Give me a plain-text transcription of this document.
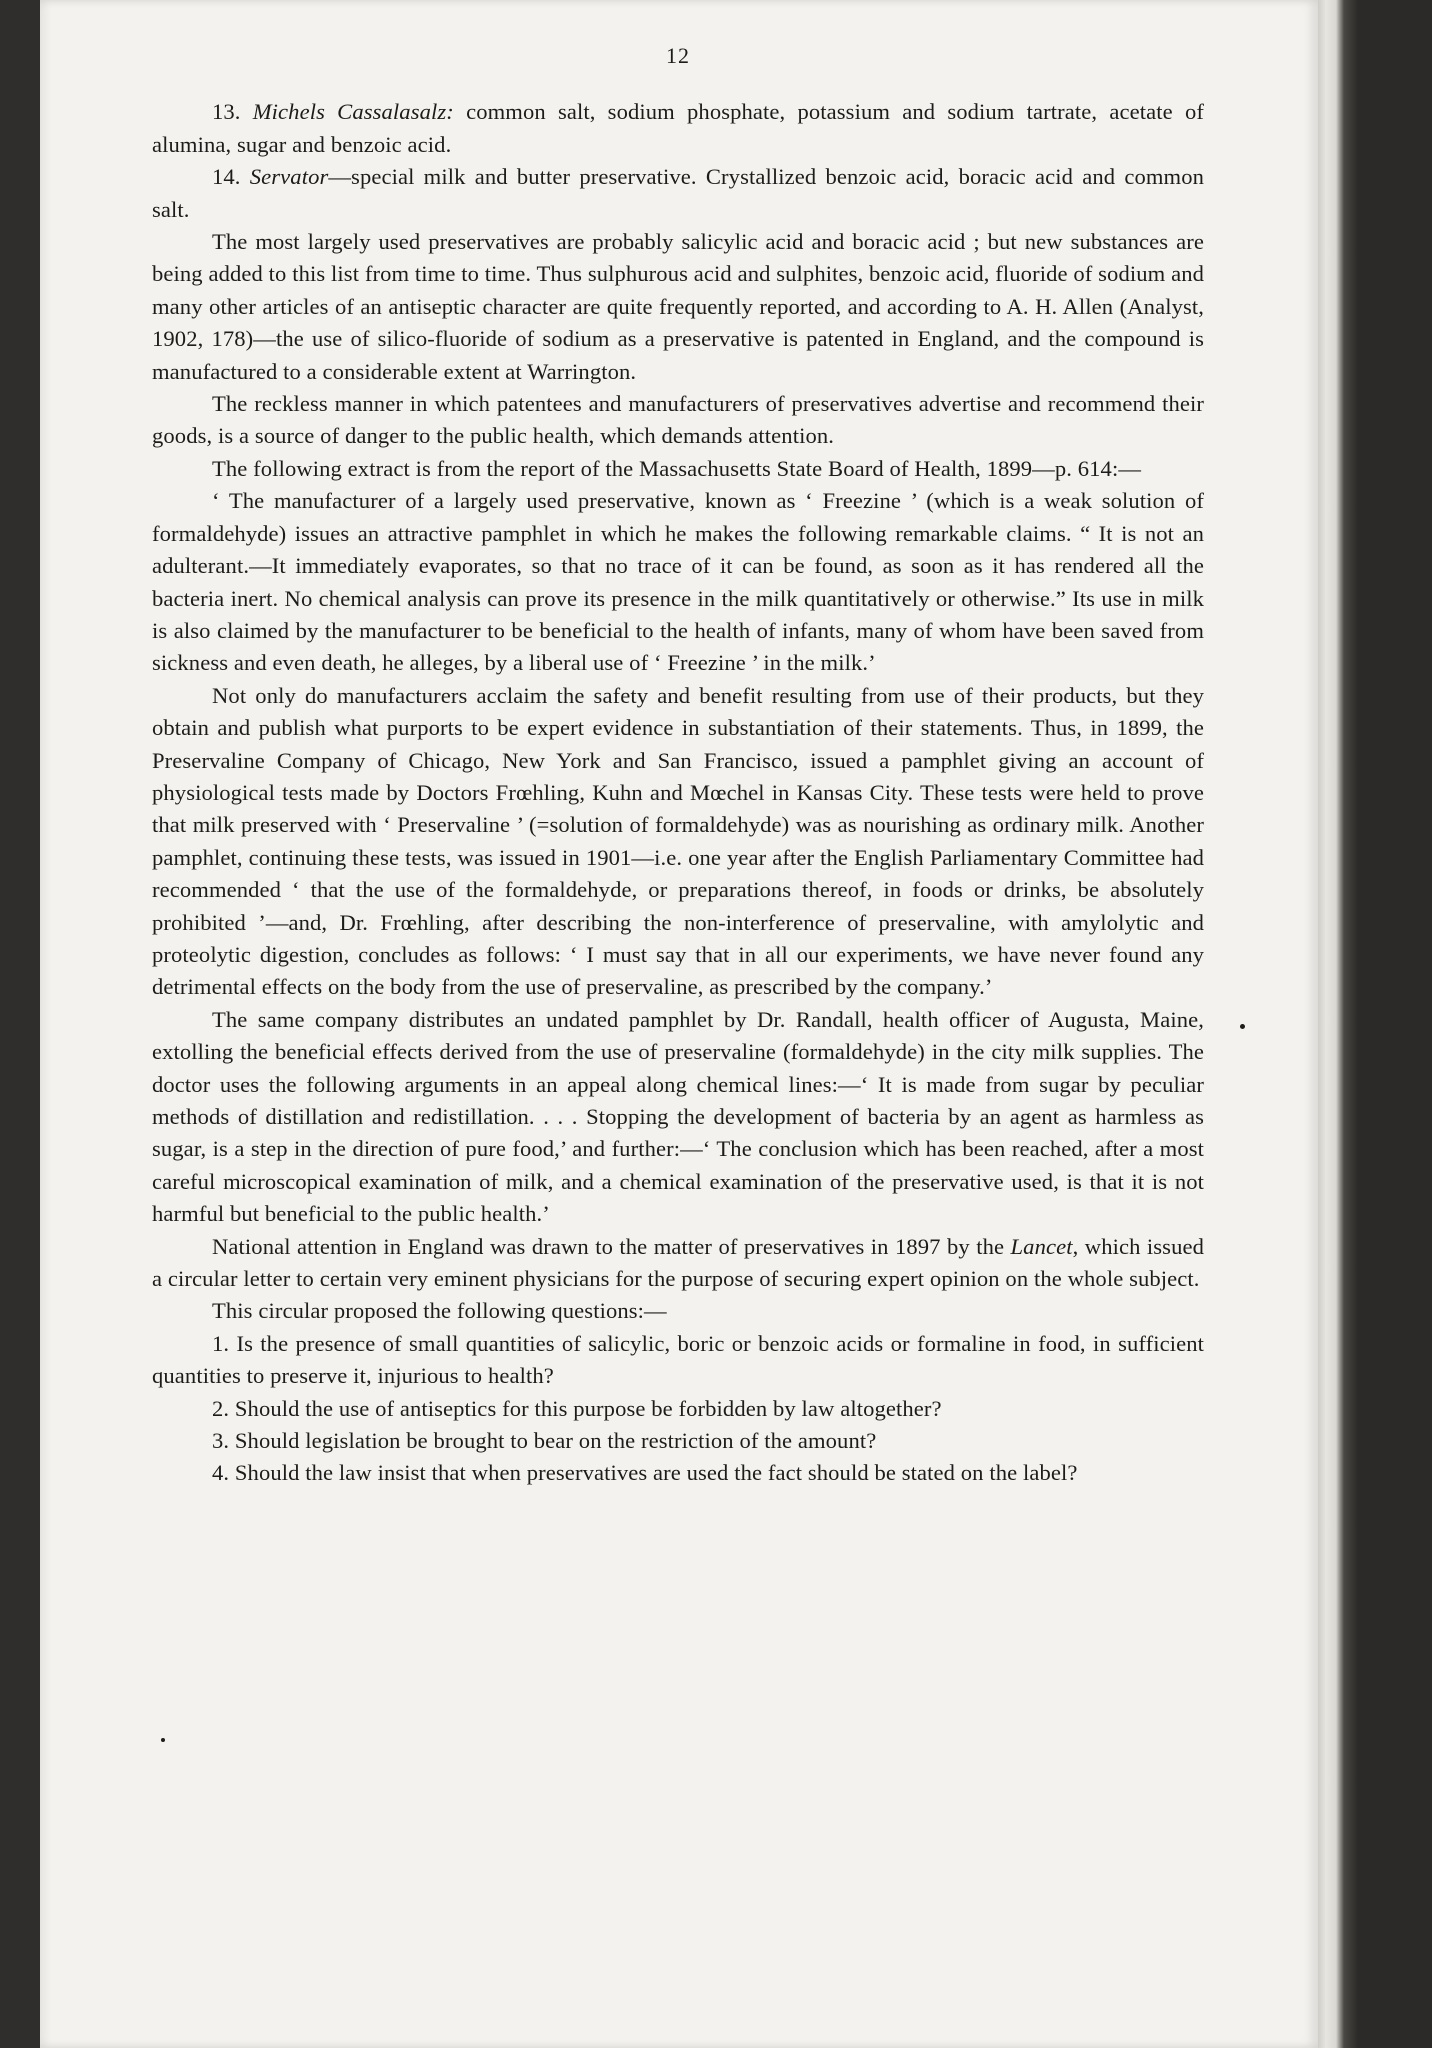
12

13. Michels Cassalasalz: common salt, sodium phosphate, potassium and sodium tartrate, acetate of alumina, sugar and benzoic acid.

14. Servator—special milk and butter preservative. Crystallized benzoic acid, boracic acid and common salt.

The most largely used preservatives are probably salicylic acid and boracic acid ; but new substances are being added to this list from time to time. Thus sulphurous acid and sulphites, benzoic acid, fluoride of sodium and many other articles of an antiseptic character are quite frequently reported, and according to A. H. Allen (Analyst, 1902, 178)—the use of silico-fluoride of sodium as a preservative is patented in England, and the compound is manufactured to a considerable extent at Warrington.

The reckless manner in which patentees and manufacturers of preservatives advertise and recommend their goods, is a source of danger to the public health, which demands attention.

The following extract is from the report of the Massachusetts State Board of Health, 1899—p. 614:—

‘ The manufacturer of a largely used preservative, known as ‘ Freezine ’ (which is a weak solution of formaldehyde) issues an attractive pamphlet in which he makes the following remarkable claims. “ It is not an adulterant.—It immediately evaporates, so that no trace of it can be found, as soon as it has rendered all the bacteria inert. No chemical analysis can prove its presence in the milk quantitatively or otherwise.” Its use in milk is also claimed by the manufacturer to be beneficial to the health of infants, many of whom have been saved from sickness and even death, he alleges, by a liberal use of ‘ Freezine ’ in the milk.’

Not only do manufacturers acclaim the safety and benefit resulting from use of their products, but they obtain and publish what purports to be expert evidence in substantiation of their statements. Thus, in 1899, the Preservaline Company of Chicago, New York and San Francisco, issued a pamphlet giving an account of physiological tests made by Doctors Frœhling, Kuhn and Mœchel in Kansas City. These tests were held to prove that milk preserved with ‘ Preservaline ’ (=solution of formaldehyde) was as nourishing as ordinary milk. Another pamphlet, continuing these tests, was issued in 1901—i.e. one year after the English Parliamentary Committee had recommended ‘ that the use of the formaldehyde, or preparations thereof, in foods or drinks, be absolutely prohibited ’—and, Dr. Frœhling, after describing the non-interference of preservaline, with amylolytic and proteolytic digestion, concludes as follows: ‘ I must say that in all our experiments, we have never found any detrimental effects on the body from the use of preservaline, as prescribed by the company.’

The same company distributes an undated pamphlet by Dr. Randall, health officer of Augusta, Maine, extolling the beneficial effects derived from the use of preservaline (formaldehyde) in the city milk supplies. The doctor uses the following arguments in an appeal along chemical lines:—‘ It is made from sugar by peculiar methods of distillation and redistillation. . . . Stopping the development of bacteria by an agent as harmless as sugar, is a step in the direction of pure food,’ and further:—‘ The conclusion which has been reached, after a most careful microscopical examination of milk, and a chemical examination of the preservative used, is that it is not harmful but beneficial to the public health.’

National attention in England was drawn to the matter of preservatives in 1897 by the Lancet, which issued a circular letter to certain very eminent physicians for the purpose of securing expert opinion on the whole subject.

This circular proposed the following questions:—

1. Is the presence of small quantities of salicylic, boric or benzoic acids or formaline in food, in sufficient quantities to preserve it, injurious to health?

2. Should the use of antiseptics for this purpose be forbidden by law altogether?

3. Should legislation be brought to bear on the restriction of the amount?

4. Should the law insist that when preservatives are used the fact should be stated on the label?
